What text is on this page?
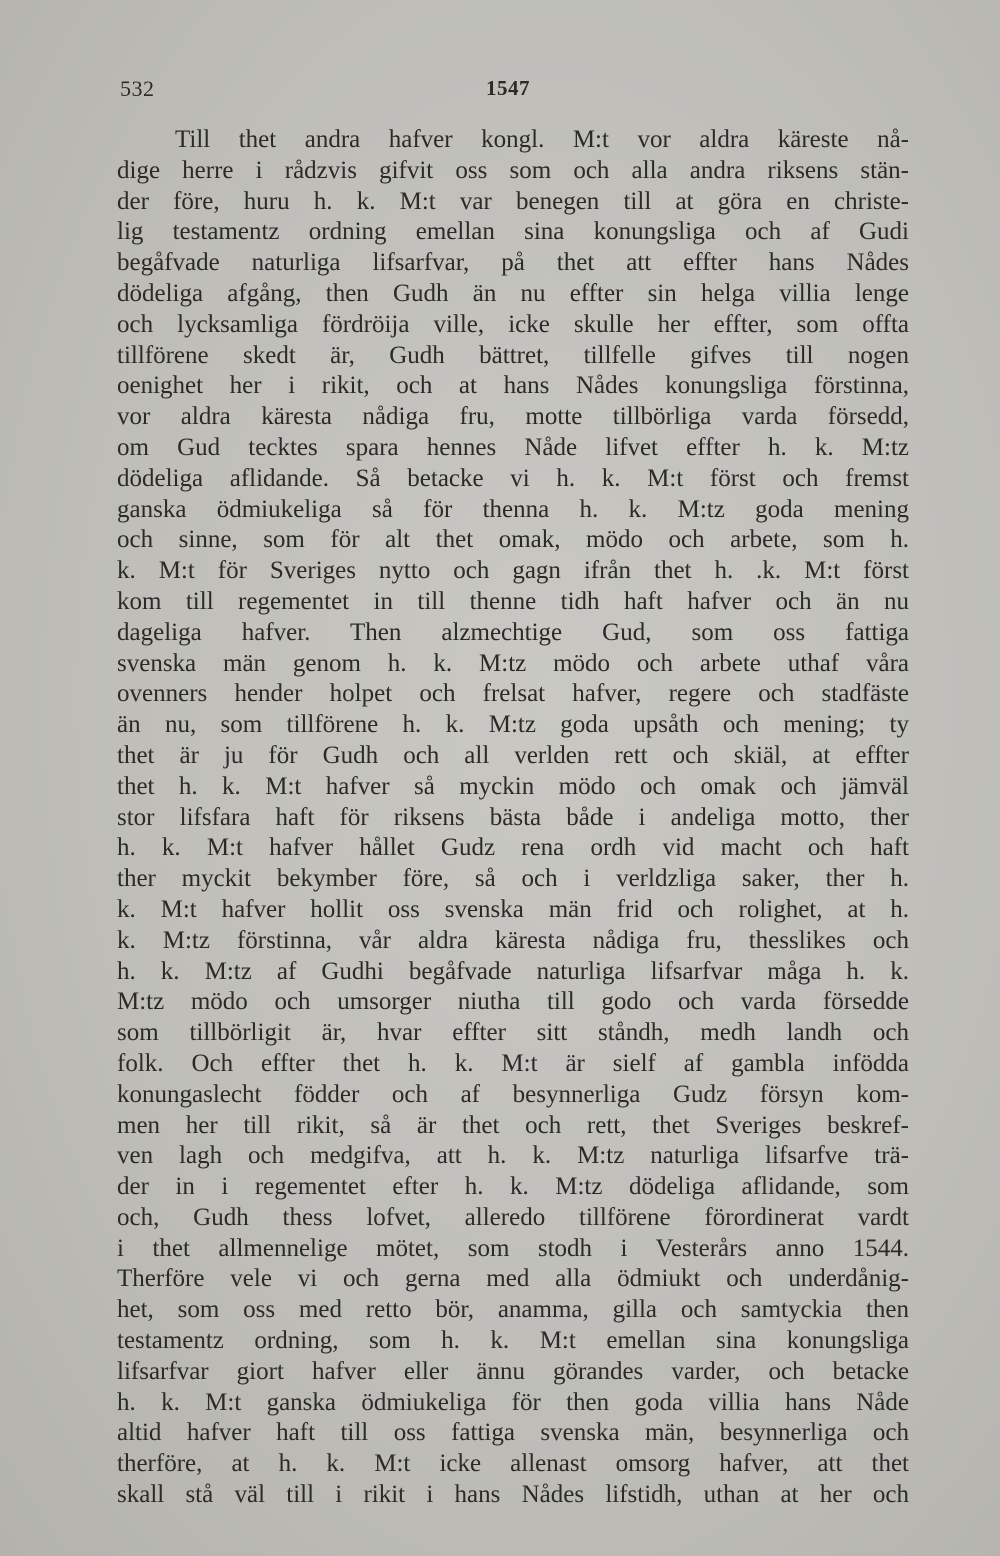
532	1547
Till thet andra hafver kongl. M:t vor aldra käreste nå-
dige herre i rådzvis gifvit oss som och alla andra riksens stän-
der före, huru h. k. M:t var benegen till at göra en christe-
lig testamentz ordning emellan sina konungsliga och af Gudi
begåfvade naturliga lifsarfvar, på thet att effter hans Nådes
dödeliga afgång, then Gudh än nu effter sin helga villia lenge
och lycksamliga fördröija ville, icke skulle her effter, som offta
tillförene skedt är, Gudh bättret, tillfelle gifves till nogen
oenighet her i rikit, och at hans Nådes konungsliga förstinna,
vor aldra käresta nådiga fru, motte tillbörliga varda försedd,
om Gud tecktes spara hennes Nåde lifvet effter h. k. M:tz
dödeliga aflidande. Så betacke vi h. k. M:t först och fremst
ganska ödmiukeliga så för thenna h. k. M:tz goda mening
och sinne, som för alt thet omak, mödo och arbete, som h.
k. M:t för Sveriges nytto och gagn ifrån thet h. .k. M:t först
kom till regementet in till thenne tidh haft hafver och än nu
dageliga hafver. Then alzmechtige Gud, som oss fattiga
svenska män genom h. k. M:tz mödo och arbete uthaf våra
ovenners hender holpet och frelsat hafver, regere och stadfäste
än nu, som tillförene h. k. M:tz goda upsåth och mening; ty
thet är ju för Gudh och all verlden rett och skiäl, at effter
thet h. k. M:t hafver så myckin mödo och omak och jämväl
stor lifsfara haft för riksens bästa både i andeliga motto, ther
h. k. M:t hafver hållet Gudz rena ordh vid macht och haft
ther myckit bekymber före, så och i verldzliga saker, ther h.
k. M:t hafver hollit oss svenska män frid och rolighet, at h.
k. M:tz förstinna, vår aldra käresta nådiga fru, thesslikes och
h. k. M:tz af Gudhi begåfvade naturliga lifsarfvar måga h. k.
M:tz mödo och umsorger niutha till godo och varda försedde
som tillbörligit är, hvar effter sitt ståndh, medh landh och
folk. Och effter thet h. k. M:t är sielf af gambla infödda
konungaslecht födder och af besynnerliga Gudz försyn kom-
men her till rikit, så är thet och rett, thet Sveriges beskref-
ven lagh och medgifva, att h. k. M:tz naturliga lifsarfve trä-
der in i regementet efter h. k. M:tz dödeliga aflidande, som
och, Gudh thess lofvet, alleredo tillförene förordinerat vardt
i thet allmennelige mötet, som stodh i Vesterårs anno 1544.
Therföre vele vi och gerna med alla ödmiukt och underdånig-
het, som oss med retto bör, anamma, gilla och samtyckia then
testamentz ordning, som h. k. M:t emellan sina konungsliga
lifsarfvar giort hafver eller ännu görandes varder, och betacke
h. k. M:t ganska ödmiukeliga för then goda villia hans Nåde
altid hafver haft till oss fattiga svenska män, besynnerliga och
therföre, at h. k. M:t icke allenast omsorg hafver, att thet
skall stå väl till i rikit i hans Nådes lifstidh, uthan at her och
